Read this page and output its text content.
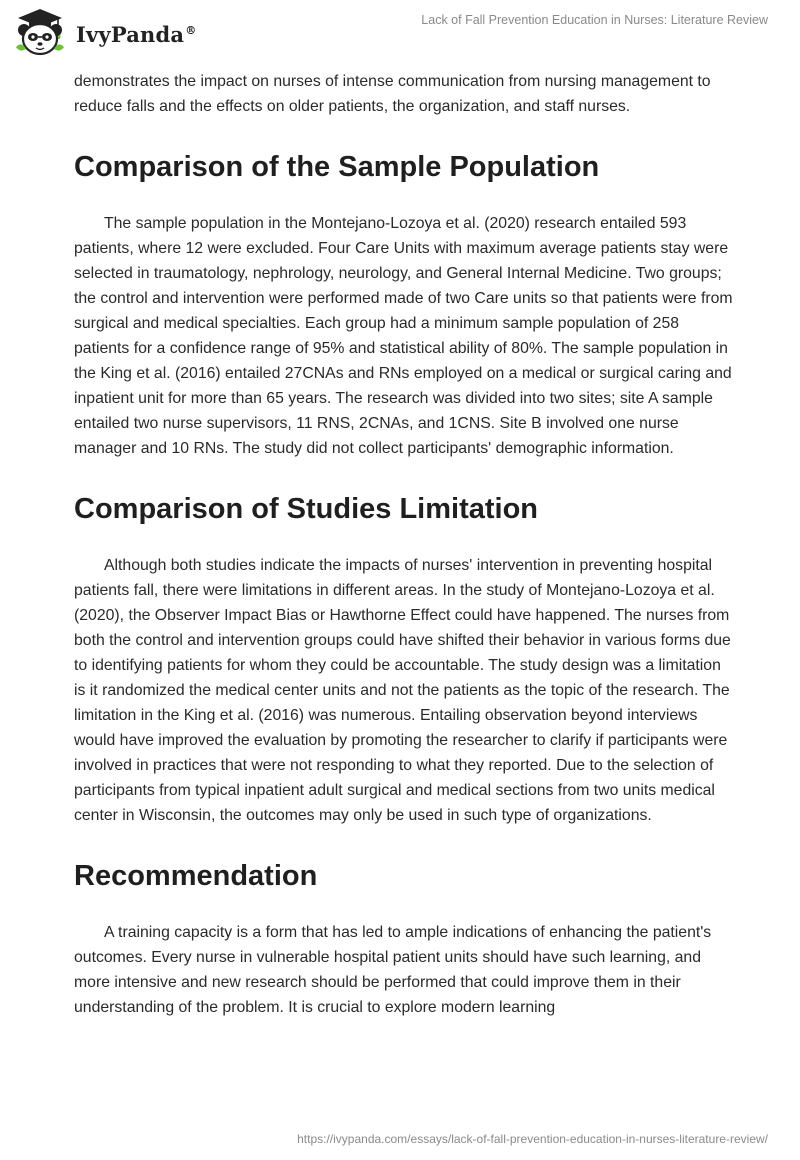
IvyPanda®
Lack of Fall Prevention Education in Nurses: Literature Review

demonstrates the impact on nurses of intense communication from nursing management to reduce falls and the effects on older patients, the organization, and staff nurses.

Comparison of the Sample Population

The sample population in the Montejano-Lozoya et al. (2020) research entailed 593 patients, where 12 were excluded. Four Care Units with maximum average patients stay were selected in traumatology, nephrology, neurology, and General Internal Medicine. Two groups; the control and intervention were performed made of two Care units so that patients were from surgical and medical specialties. Each group had a minimum sample population of 258 patients for a confidence range of 95% and statistical ability of 80%. The sample population in the King et al. (2016) entailed 27CNAs and RNs employed on a medical or surgical caring and inpatient unit for more than 65 years. The research was divided into two sites; site A sample entailed two nurse supervisors, 11 RNS, 2CNAs, and 1CNS. Site B involved one nurse manager and 10 RNs. The study did not collect participants' demographic information.

Comparison of Studies Limitation

Although both studies indicate the impacts of nurses' intervention in preventing hospital patients fall, there were limitations in different areas. In the study of Montejano-Lozoya et al. (2020), the Observer Impact Bias or Hawthorne Effect could have happened. The nurses from both the control and intervention groups could have shifted their behavior in various forms due to identifying patients for whom they could be accountable. The study design was a limitation is it randomized the medical center units and not the patients as the topic of the research. The limitation in the King et al. (2016) was numerous. Entailing observation beyond interviews would have improved the evaluation by promoting the researcher to clarify if participants were involved in practices that were not responding to what they reported. Due to the selection of participants from typical inpatient adult surgical and medical sections from two units medical center in Wisconsin, the outcomes may only be used in such type of organizations.

Recommendation

A training capacity is a form that has led to ample indications of enhancing the patient's outcomes. Every nurse in vulnerable hospital patient units should have such learning, and more intensive and new research should be performed that could improve them in their understanding of the problem. It is crucial to explore modern learning

https://ivypanda.com/essays/lack-of-fall-prevention-education-in-nurses-literature-review/
